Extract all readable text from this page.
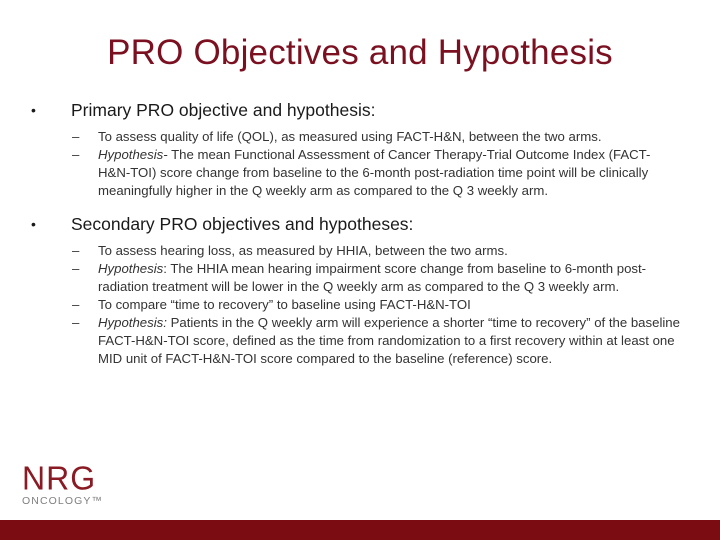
PRO Objectives and Hypothesis
•	Primary PRO objective and hypothesis:
–	To assess quality of life (QOL), as measured using FACT-H&N, between the two arms.
–	Hypothesis- The mean Functional Assessment of Cancer Therapy-Trial Outcome Index (FACT-H&N-TOI) score change from baseline to the 6-month post-radiation time point will be clinically meaningfully higher in the Q weekly arm as compared to the Q 3 weekly arm.
•	Secondary PRO objectives and hypotheses:
–	To assess hearing loss, as measured by HHIA, between the two arms.
–	Hypothesis: The HHIA mean hearing impairment score change from baseline to 6-month post-radiation treatment will be lower in the Q weekly arm as compared to the Q 3 weekly arm.
–	To compare “time to recovery” to baseline using FACT-H&N-TOI
–	Hypothesis: Patients in the Q weekly arm will experience a shorter “time to recovery” of the baseline FACT-H&N-TOI score, defined as the time from randomization to a first recovery within at least one MID unit of FACT-H&N-TOI score compared to the baseline (reference) score.
NRG
ONCOLOGY™
